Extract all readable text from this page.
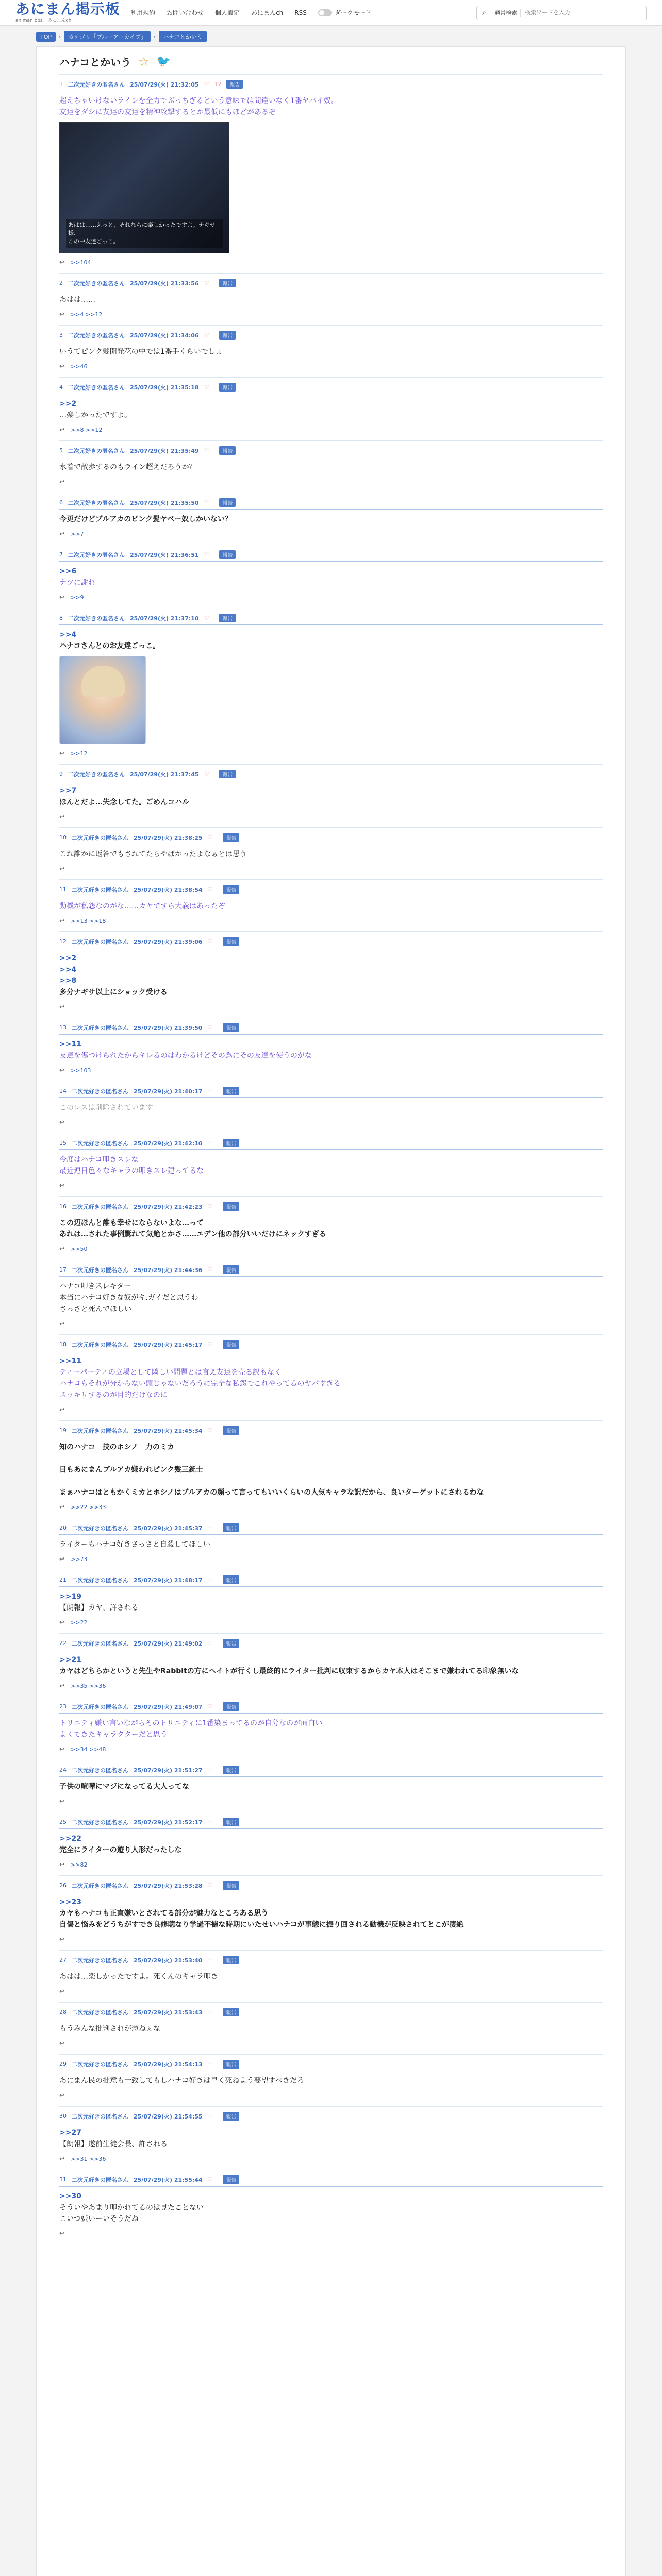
あにまん掲示板
animan bbs｜あにまんch
利用規約 お問い合わせ 個人設定 あにまんch RSS	ダークモード	⌕	通常検索
検索ワードを入力
TOP	›	カテゴリ「ブルーアーカイブ」	›	ハナコとかいう
ハナコとかいう ☆ 🐦
1 二次元好きの匿名さん 25/07/29(火) 21:32:05 ♡ 12	報告
超えちゃいけないラインを全力でぶっちぎるという意味では間違いなく1番ヤバイ奴。
友達をダシに友達の友達を精神攻撃するとか最低にもほどがあるぞ
あはは……えっと、それならに楽しかったですよ。ナギサ様、
この中友達ごっこ。
↩ >>104
2 二次元好きの匿名さん 25/07/29(火) 21:33:56 ♡	報告
あはは……
↩ >>4 >>12
3 二次元好きの匿名さん 25/07/29(火) 21:34:06 ♡	報告
いうてピンク髪開発花の中では1番手くらいでしょ
↩ >>46
4 二次元好きの匿名さん 25/07/29(火) 21:35:18 ♡	報告
>>2
…楽しかったですよ。
↩ >>8 >>12
5 二次元好きの匿名さん 25/07/29(火) 21:35:49 ♡	報告
水着で散歩するのもライン超えだろうか？
↩
6 二次元好きの匿名さん 25/07/29(火) 21:35:50 ♡	報告
今更だけどブルアカのピンク髪ヤベー奴しかいない？
↩ >>7
7 二次元好きの匿名さん 25/07/29(火) 21:36:51 ♡	報告
>>6
ナツに謝れ
↩ >>9
8 二次元好きの匿名さん 25/07/29(火) 21:37:10 ♡	報告
>>4
ハナコさんとのお友達ごっこ。
↩ >>12
9 二次元好きの匿名さん 25/07/29(火) 21:37:45 ♡	報告
>>7
ほんとだよ…失念してた。ごめんコハル
↩
10 二次元好きの匿名さん 25/07/29(火) 21:38:25 ♡	報告
これ誰かに返答でもされてたらやばかったよなぁとは思う
↩
11 二次元好きの匿名さん 25/07/29(火) 21:38:54 ♡	報告
動機が私怨なのがな……カヤですら大義はあったぞ
↩ >>13 >>18
12 二次元好きの匿名さん 25/07/29(火) 21:39:06 ♡	報告
>>2
>>4
>>8
多分ナギサ以上にショック受ける
↩
13 二次元好きの匿名さん 25/07/29(火) 21:39:50 ♡	報告
>>11
友達を傷つけられたからキレるのはわかるけどその為にその友達を使うのがな
↩ >>103
14 二次元好きの匿名さん 25/07/29(火) 21:40:17 ♡	報告
このレスは削除されています
↩
15 二次元好きの匿名さん 25/07/29(火) 21:42:10 ♡	報告
今度はハナコ叩きスレな
最近連日色々なキャラの叩きスレ建ってるな
↩
16 二次元好きの匿名さん 25/07/29(火) 21:42:23 ♡	報告
この辺ほんと誰も幸せにならないよな…って
あれは…された事例驚れて気絶とかさ……エデン他の部分いいだけにネックすぎる
↩ >>50
17 二次元好きの匿名さん 25/07/29(火) 21:44:36 ♡	報告
ハナコ叩きスレキター
本当にハナコ好きな奴がキ.ガイだと思うわ
さっさと死んでほしい
↩
18 二次元好きの匿名さん 25/07/29(火) 21:45:17 ♡	報告
>>11
ティーパーティの立場として隣しい問題とは言え友達を売る訳もなく
ハナコもそれが分からない頭じゃないだろうに完全な私怨でこれやってるのヤバすぎる
スッキリするのが目的だけなのに
↩
19 二次元好きの匿名さん 25/07/29(火) 21:45:34 ♡	報告
知のハナコ　技のホシノ　力のミカ

目もあにまんブルアカ嫌われピンク髪三銃士

まぁハナコはともかくミカとホシノはブルアカの顔って言ってもいいくらいの人気キャラな訳だから、良いターゲットにされるわな
↩ >>22 >>33
20 二次元好きの匿名さん 25/07/29(火) 21:45:37 ♡	報告
ライターもハナコ好きさっさと自殺してほしい
↩ >>73
21 二次元好きの匿名さん 25/07/29(火) 21:48:17 ♡	報告
>>19
【朗報】カヤ、許される
↩ >>22
22 二次元好きの匿名さん 25/07/29(火) 21:49:02 ♡	報告
>>21
カヤはどちらかというと先生やRabbitの方にヘイトが行くし最終的にライター批判に収束するからカヤ本人はそこまで嫌われてる印象無いな
↩ >>35 >>36
23 二次元好きの匿名さん 25/07/29(火) 21:49:07 ♡	報告
トリニティ嫌い言いながらそのトリニティに1番染まってるのが自分なのが面白い
よくできたキャラクターだと思う
↩ >>34 >>48
24 二次元好きの匿名さん 25/07/29(火) 21:51:27 ♡	報告
子供の喧嘩にマジになってる大人ってな
↩
25 二次元好きの匿名さん 25/07/29(火) 21:52:17 ♡	報告
>>22
完全にライターの遊り人形だったしな
↩ >>82
26 二次元好きの匿名さん 25/07/29(火) 21:53:28 ♡	報告
>>23
カヤもハナコも正直嫌いとされてる部分が魅力なところある思う
自傷と悩みをどうちがすでき良修聴なり学過不徳な時期にいたせいハナコが事態に振り回される動機が反映されてとこが凄絶
↩
27 二次元好きの匿名さん 25/07/29(火) 21:53:40 ♡	報告
あはは…楽しかったですよ。死くんのキャラ叩き
↩
28 二次元好きの匿名さん 25/07/29(火) 21:53:43 ♡	報告
もうみんな批判されが懲ねぇな
↩
29 二次元好きの匿名さん 25/07/29(火) 21:54:13 ♡	報告
あにまん民の批意も一致してもしハナコ好きは早く死ねよう要望すべきだろ
↩
30 二次元好きの匿名さん 25/07/29(火) 21:54:55 ♡	報告
>>27
【朗報】遂前生徒会長、許される
↩ >>31 >>36
31 二次元好きの匿名さん 25/07/29(火) 21:55:44 ♡	報告
>>30
そういやあまり叩かれてるのは見たことない
こいつ嫌いーいそうだね
↩
